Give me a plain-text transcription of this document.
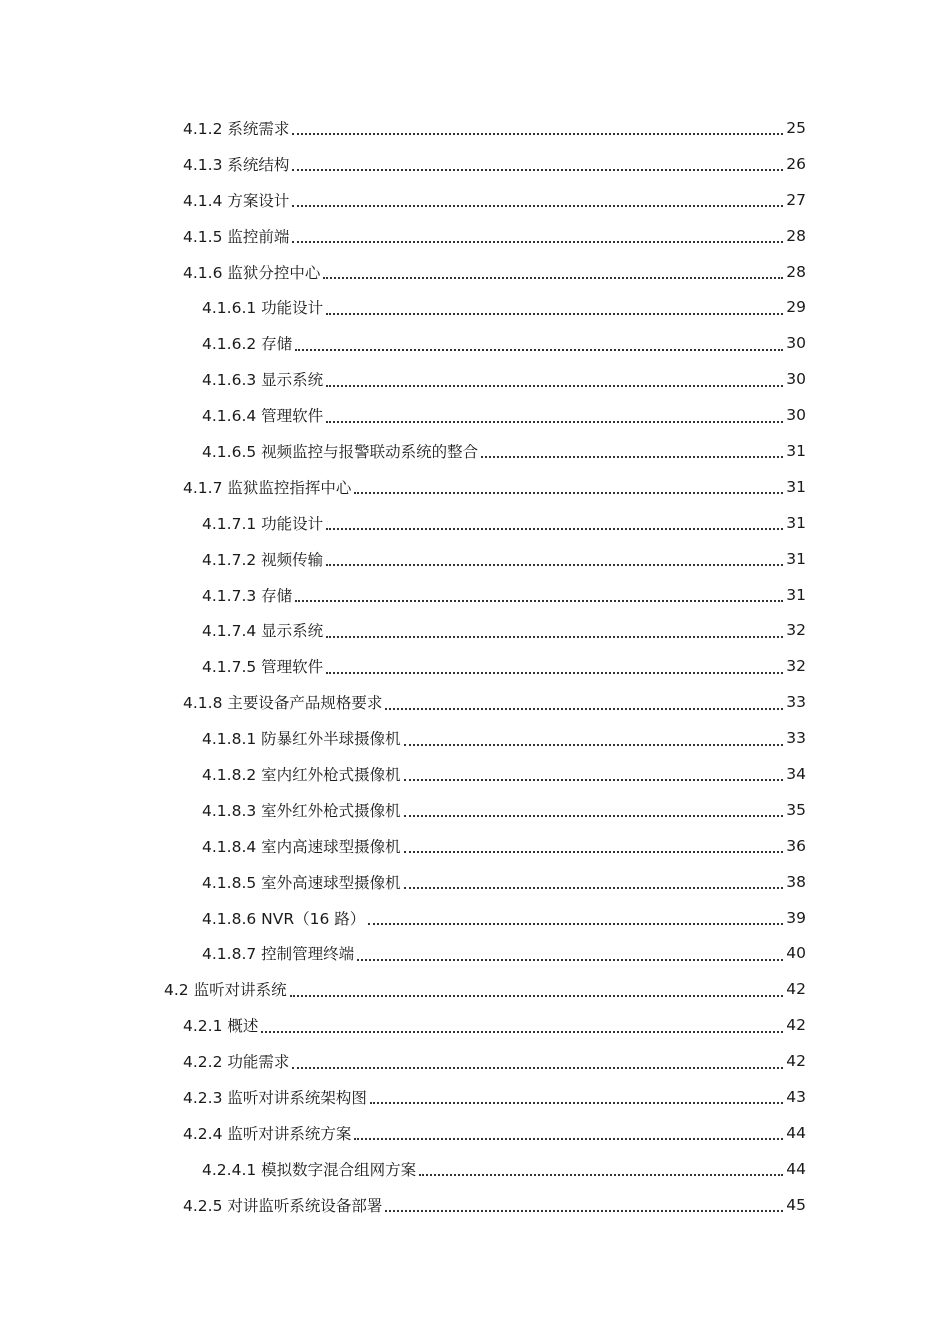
4.1.2 系统需求	25
4.1.3 系统结构	26
4.1.4 方案设计	27
4.1.5 监控前端	28
4.1.6 监狱分控中心	28
4.1.6.1 功能设计	29
4.1.6.2 存储	30
4.1.6.3 显示系统	30
4.1.6.4 管理软件	30
4.1.6.5 视频监控与报警联动系统的整合	31
4.1.7 监狱监控指挥中心	31
4.1.7.1 功能设计	31
4.1.7.2 视频传输	31
4.1.7.3 存储	31
4.1.7.4 显示系统	32
4.1.7.5 管理软件	32
4.1.8 主要设备产品规格要求	33
4.1.8.1 防暴红外半球摄像机	33
4.1.8.2 室内红外枪式摄像机	34
4.1.8.3 室外红外枪式摄像机	35
4.1.8.4 室内高速球型摄像机	36
4.1.8.5 室外高速球型摄像机	38
4.1.8.6 NVR（16 路）	39
4.1.8.7 控制管理终端	40
4.2 监听对讲系统	42
4.2.1 概述	42
4.2.2 功能需求	42
4.2.3 监听对讲系统架构图	43
4.2.4 监听对讲系统方案	44
4.2.4.1 模拟数字混合组网方案	44
4.2.5 对讲监听系统设备部署	45
